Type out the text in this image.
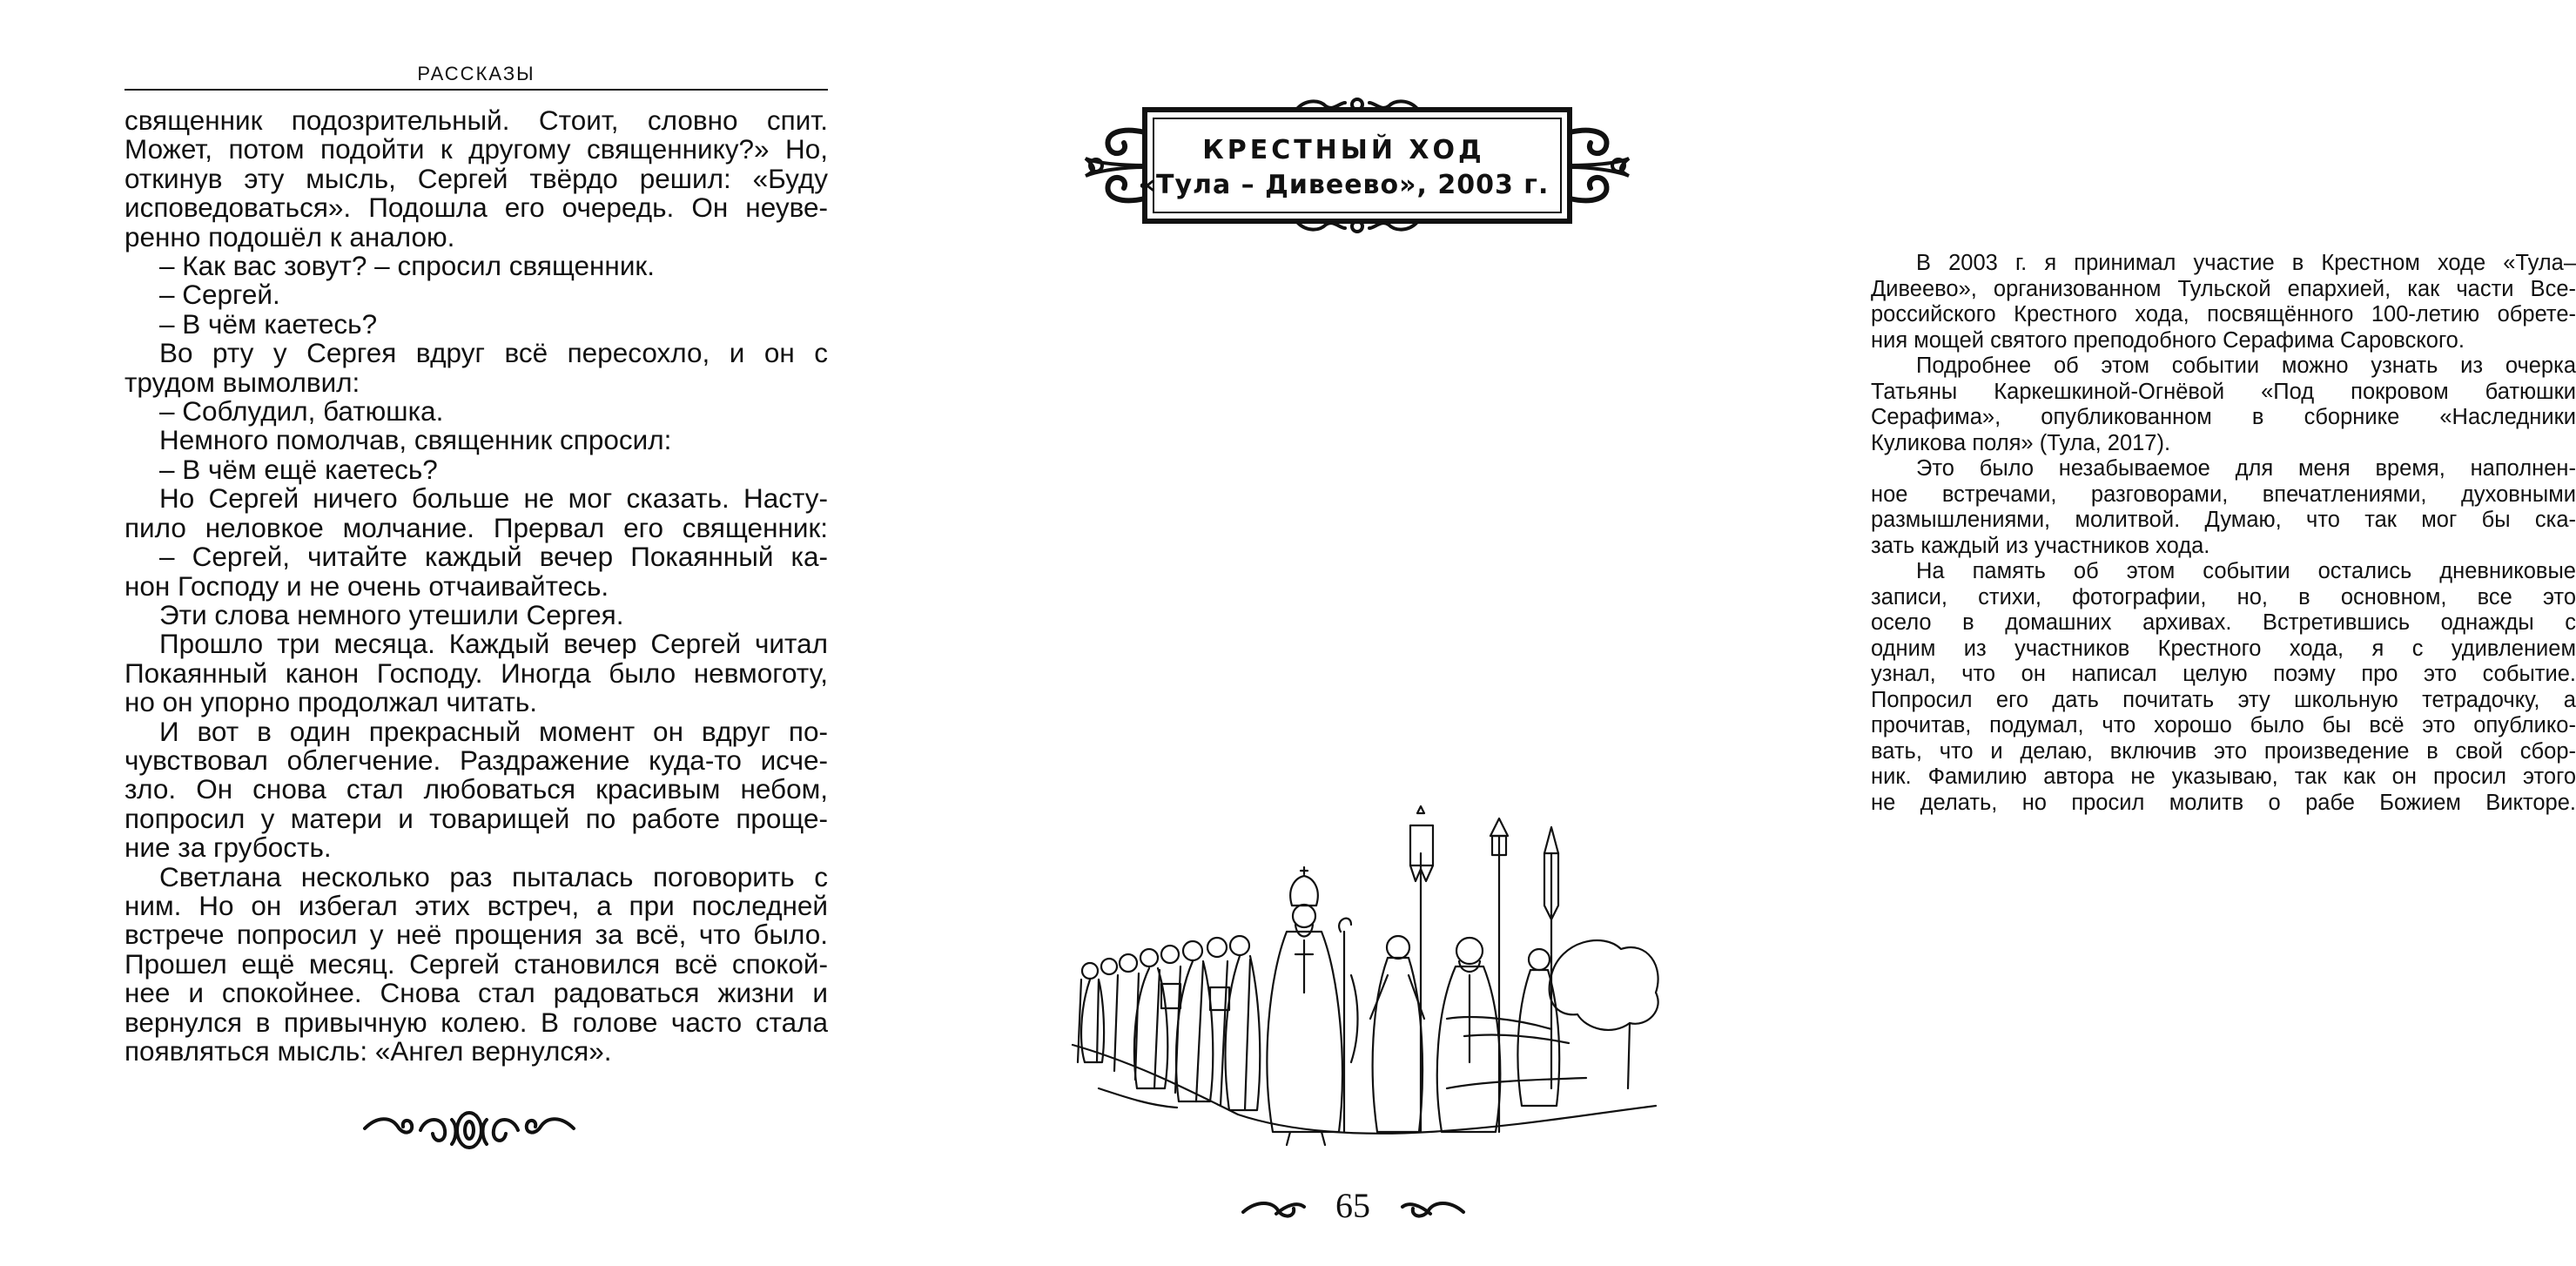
РАССКАЗЫ
священник подозрительный. Стоит, словно спит.
Может, потом подойти к другому священнику?» Но,
откинув эту мысль, Сергей твёрдо решил: «Буду
исповедоваться». Подошла его очередь. Он неуве-
ренно подошёл к аналою.
– Как вас зовут? – спросил священник.
– Сергей.
– В чём каетесь?
Во рту у Сергея вдруг всё пересохло, и он с
трудом вымолвил:
– Соблудил, батюшка.
Немного помолчав, священник спросил:
– В чём ещё каетесь?
Но Сергей ничего больше не мог сказать. Насту-
пило неловкое молчание. Прервал его священник:
– Сергей, читайте каждый вечер Покаянный ка-
нон Господу и не очень отчаивайтесь.
Эти слова немного утешили Сергея.
Прошло три месяца. Каждый вечер Сергей читал
Покаянный канон Господу. Иногда было невмоготу,
но он упорно продолжал читать.
И вот в один прекрасный момент он вдруг по-
чувствовал облегчение. Раздражение куда-то исче-
зло. Он снова стал любоваться красивым небом,
попросил у матери и товарищей по работе проще-
ние за грубость.
Светлана несколько раз пыталась поговорить с
ним. Но он избегал этих встреч, а при последней
встрече попросил у неё прощения за всё, что было.
Прошел ещё месяц. Сергей становился всё спокой-
нее и спокойнее. Снова стал радоваться жизни и
вернулся в привычную колею. В голове часто стала
появляться мысль: «Ангел вернулся».
КРЕСТНЫЙ ХОД
«Тула – Дивеево», 2003 г.
В 2003 г. я принимал участие в Крестном ходе «Тула–
Дивеево», организованном Тульской епархией, как части Все-
российского Крестного хода, посвящённого 100-летию обрете-
ния мощей святого преподобного Серафима Саровского.
Подробнее об этом событии можно узнать из очерка
Татьяны Каркешкиной-Огнёвой «Под покровом батюшки
Серафима», опубликованном в сборнике «Наследники
Куликова поля» (Тула, 2017).
Это было незабываемое для меня время, наполнен-
ное встречами, разговорами, впечатлениями, духовными
размышлениями, молитвой. Думаю, что так мог бы ска-
зать каждый из участников хода.
На память об этом событии остались дневниковые
записи, стихи, фотографии, но, в основном, все это
осело в домашних архивах. Встретившись однажды с
одним из участников Крестного хода, я с удивлением
узнал, что он написал целую поэму про это событие.
Попросил его дать почитать эту школьную тетрадочку, а
прочитав, подумал, что хорошо было бы всё это опублико-
вать, что и делаю, включив это произведение в свой сбор-
ник. Фамилию автора не указываю, так как он просил этого
не делать, но просил молитв о рабе Божием Викторе.
65
